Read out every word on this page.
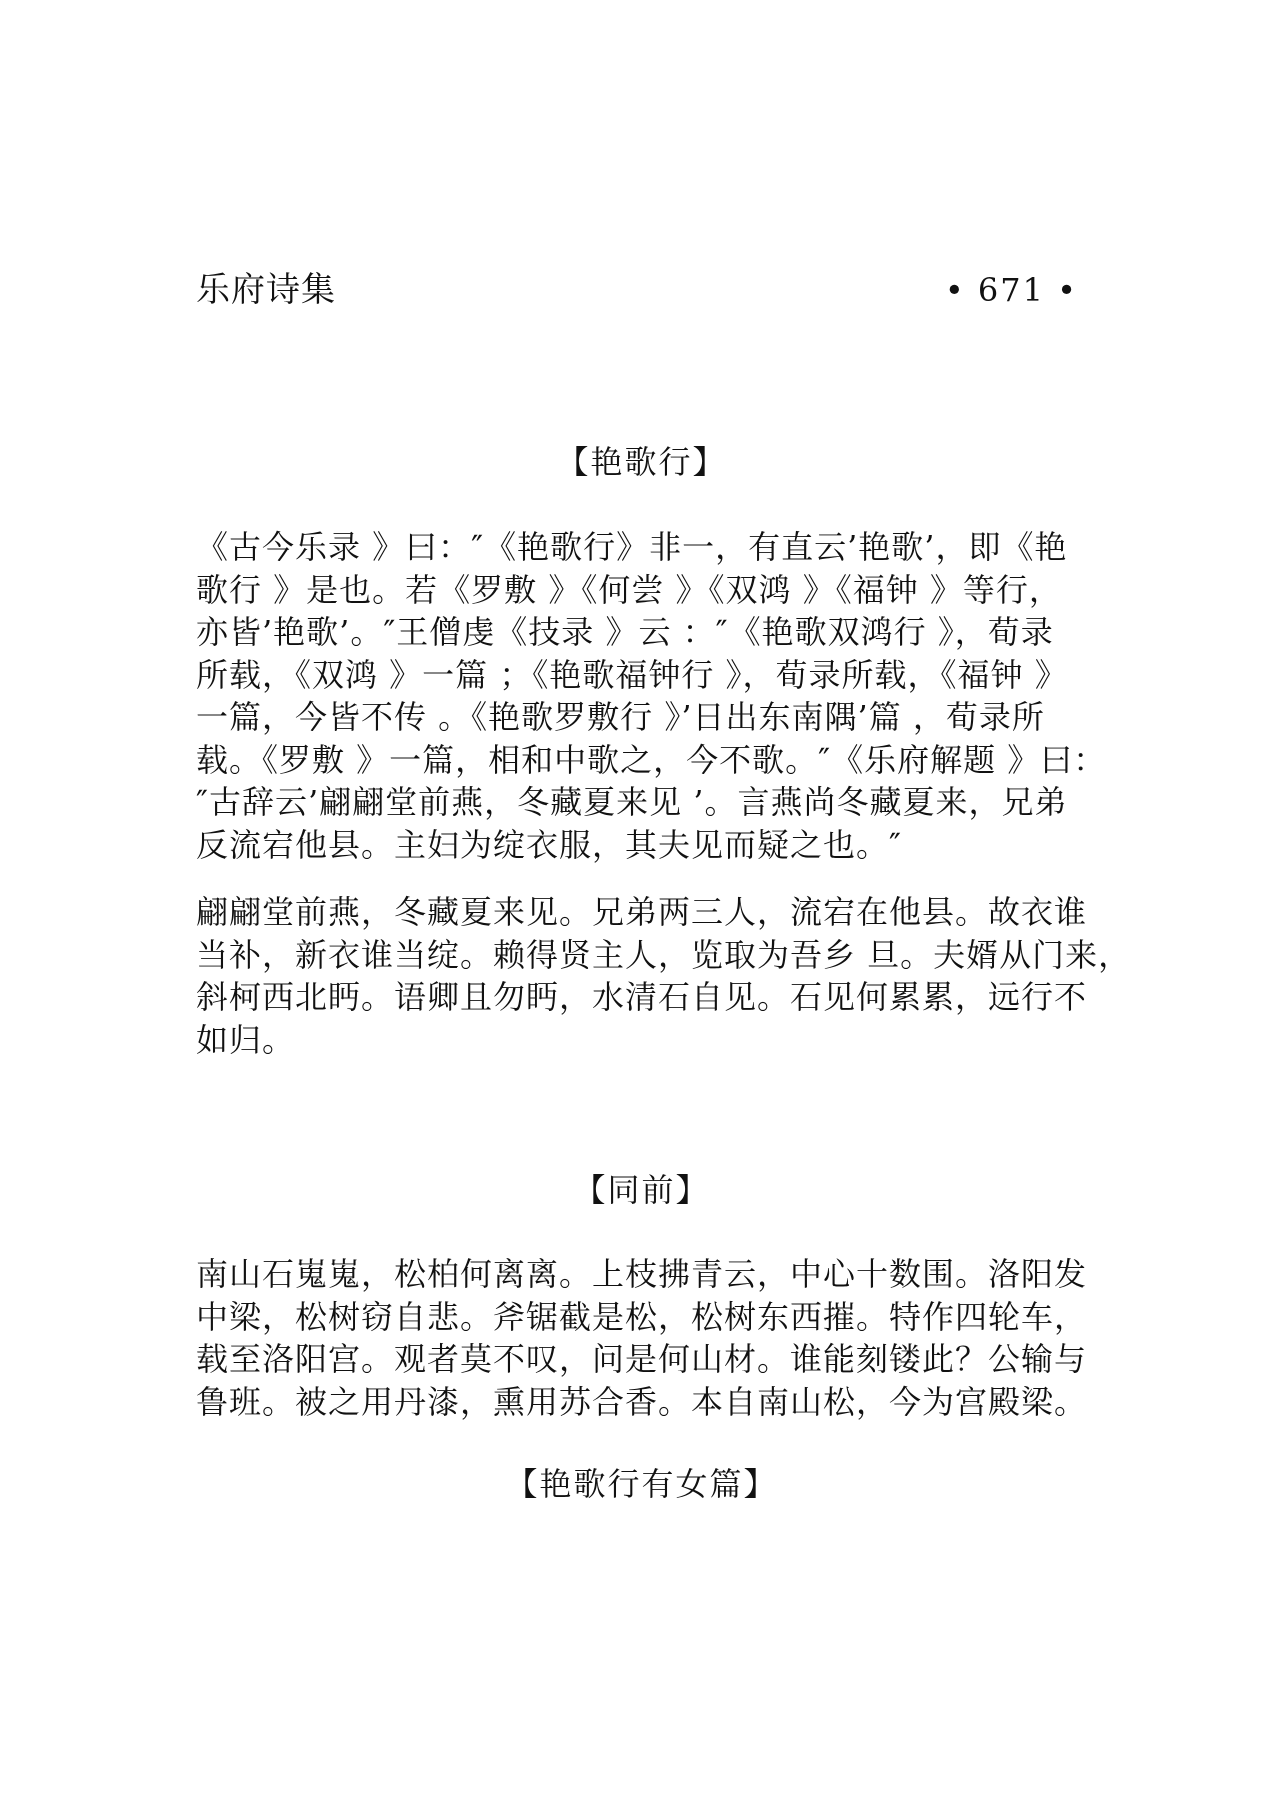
乐府诗集	• 671 •
【艳歌行】
《古今乐录 》曰：″《艳歌行》非一，有直云’艳歌’，即《艳
歌行 》是也。若《罗敷 》《何尝 》《双鸿 》《福钟 》等行，
亦皆’艳歌’。″王僧虔《技录 》云 ：″《艳歌双鸿行 》，荀录
所载，《双鸿 》一篇 ；《艳歌福钟行 》，荀录所载，《福钟 》
一篇，今皆不传 。《艳歌罗敷行 》’日出东南隅’篇 ，荀录所
载。《罗敷 》一篇，相和中歌之，今不歌。″《乐府解题 》曰：
″古辞云’翩翩堂前燕，冬藏夏来见 ’。言燕尚冬藏夏来，兄弟
反流宕他县。主妇为绽衣服，其夫见而疑之也。″
翩翩堂前燕，冬藏夏来见。兄弟两三人，流宕在他县。故衣谁
当补，新衣谁当绽。赖得贤主人，览取为吾乡 旦。夫婿从门来，
斜柯西北眄。语卿且勿眄，水清石自见。石见何累累，远行不
如归。
【同前】
南山石嵬嵬，松柏何离离。上枝拂青云，中心十数围。洛阳发
中梁，松树窃自悲。斧锯截是松，松树东西摧。特作四轮车，
载至洛阳宫。观者莫不叹，问是何山材。谁能刻镂此？公输与
鲁班。被之用丹漆，熏用苏合香。本自南山松，今为宫殿梁。
【艳歌行有女篇】
